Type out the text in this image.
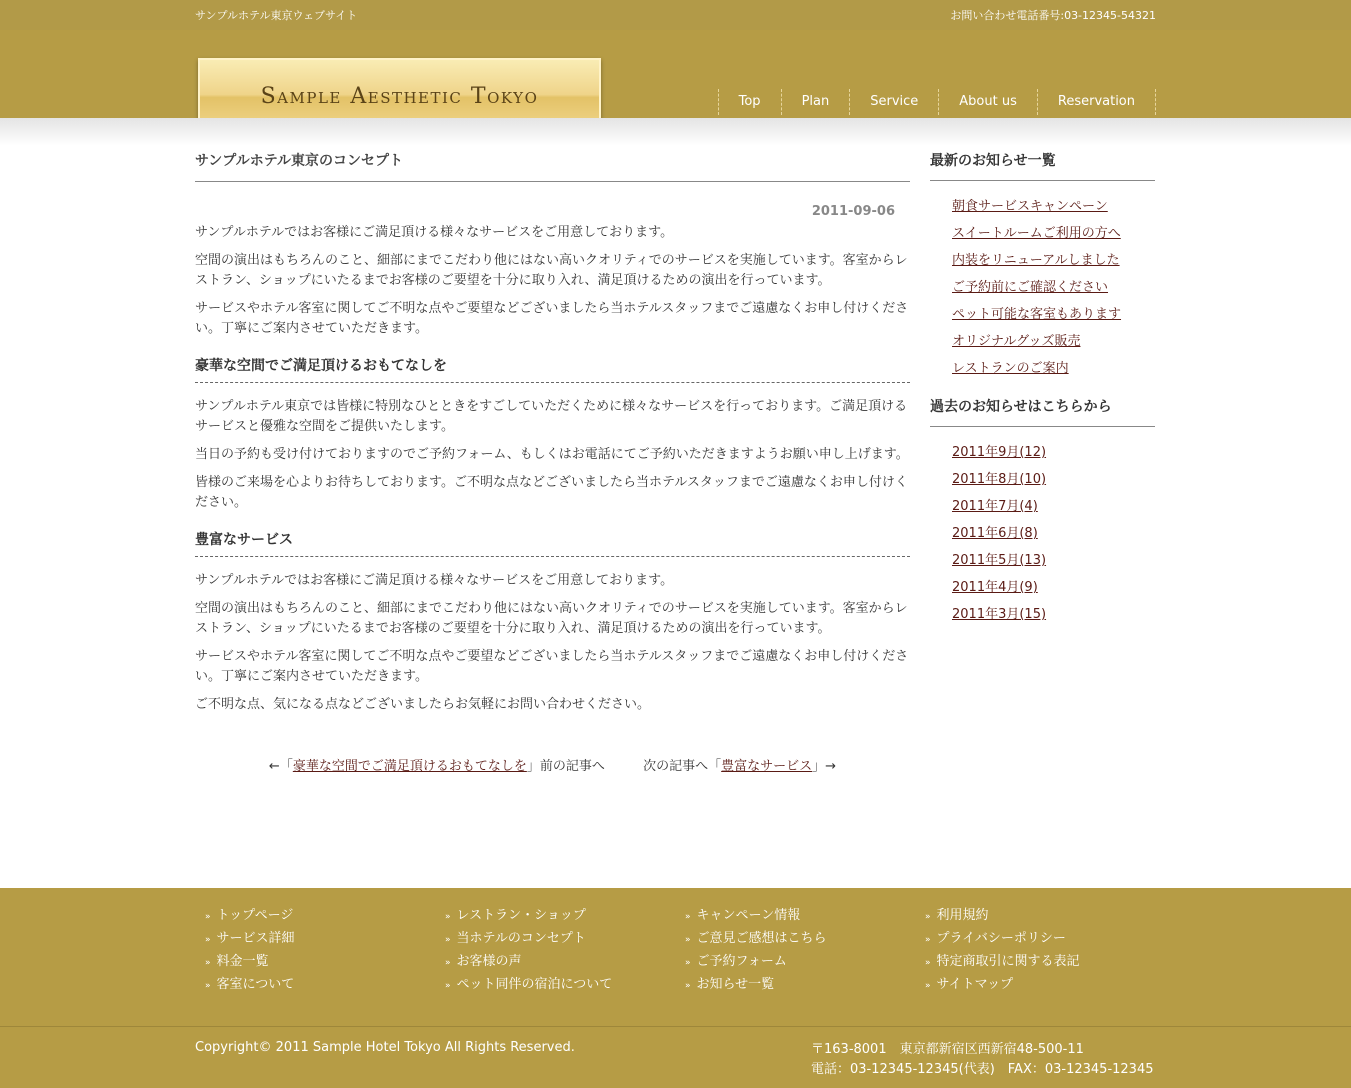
サンプルホテル東京ウェブサイト	お問い合わせ電話番号:03-12345-54321
Sample Aesthetic Tokyo	Top	Plan	Service	About us	Reservation
サンプルホテル東京のコンセプト
2011-09-06

サンプルホテルではお客様にご満足頂ける様々なサービスをご用意しております。

空間の演出はもちろんのこと、細部にまでこだわり他にはない高いクオリティでのサービスを実施しています。客室からレストラン、ショップにいたるまでお客様のご要望を十分に取り入れ、満足頂けるための演出を行っています。

サービスやホテル客室に関してご不明な点やご要望などございましたら当ホテルスタッフまでご遠慮なくお申し付けください。丁寧にご案内させていただきます。

豪華な空間でご満足頂けるおもてなしを

サンプルホテル東京では皆様に特別なひとときをすごしていただくために様々なサービスを行っております。ご満足頂けるサービスと優雅な空間をご提供いたします。

当日の予約も受け付けておりますのでご予約フォーム、もしくはお電話にてご予約いただきますようお願い申し上げます。

皆様のご来場を心よりお待ちしております。ご不明な点などございましたら当ホテルスタッフまでご遠慮なくお申し付けください。

豊富なサービス

サンプルホテルではお客様にご満足頂ける様々なサービスをご用意しております。

空間の演出はもちろんのこと、細部にまでこだわり他にはない高いクオリティでのサービスを実施しています。客室からレストラン、ショップにいたるまでお客様のご要望を十分に取り入れ、満足頂けるための演出を行っています。

サービスやホテル客室に関してご不明な点やご要望などございましたら当ホテルスタッフまでご遠慮なくお申し付けください。丁寧にご案内させていただきます。

ご不明な点、気になる点などございましたらお気軽にお問い合わせください。

←「豪華な空間でご満足頂けるおもてなしを」前の記事へ	次の記事へ「豊富なサービス」→
最新のお知らせ一覧
朝食サービスキャンペーン
スイートルームご利用の方へ
内装をリニューアルしました
ご予約前にご確認ください
ペット可能な客室もあります
オリジナルグッズ販売
レストランのご案内
過去のお知らせはこちらから
2011年9月(12)
2011年8月(10)
2011年7月(4)
2011年6月(8)
2011年5月(13)
2011年4月(9)
2011年3月(15)
» トップページ
» サービス詳細
» 料金一覧
» 客室について
» レストラン・ショップ
» 当ホテルのコンセプト
» お客様の声
» ペット同伴の宿泊について
» キャンペーン情報
» ご意見ご感想はこちら
» ご予約フォーム
» お知らせ一覧
» 利用規約
» プライバシーポリシー
» 特定商取引に関する表記
» サイトマップ
Copyright© 2011 Sample Hotel Tokyo All Rights Reserved.	〒163-8001　東京都新宿区西新宿48-500-11
電話：03-12345-12345(代表)　FAX：03-12345-12345
